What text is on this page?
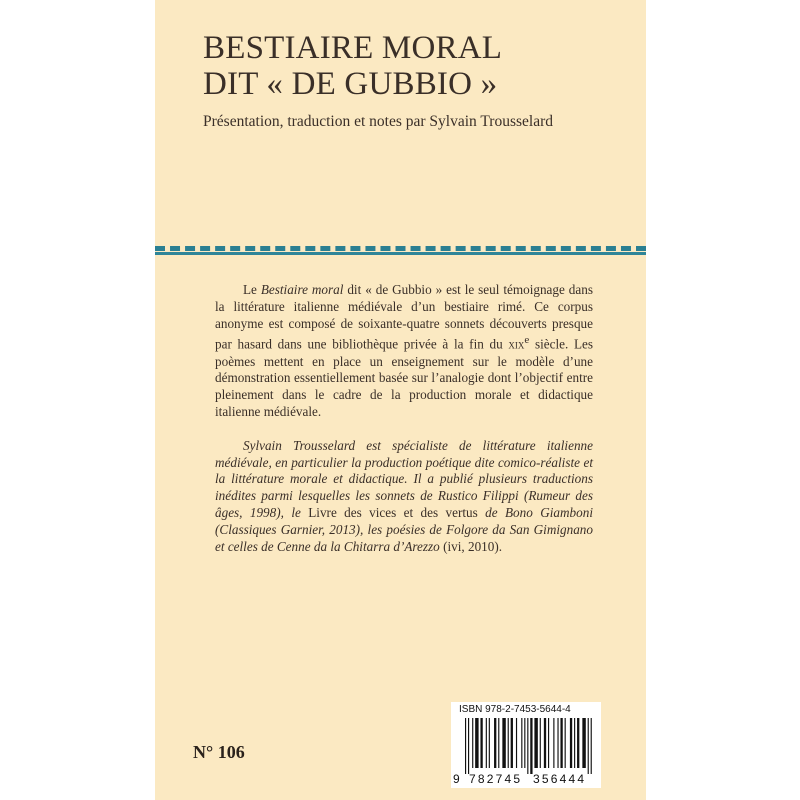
BESTIAIRE MORAL
DIT « DE GUBBIO »
Présentation, traduction et notes par Sylvain Trousselard

Le Bestiaire moral dit « de Gubbio » est le seul témoignage dans la littérature italienne médiévale d’un bestiaire rimé. Ce corpus anonyme est composé de soixante-quatre sonnets découverts presque par hasard dans une bibliothèque privée à la fin du xix$^e$ siècle. Les poèmes mettent en place un enseignement sur le modèle d’une démonstration essentiellement basée sur l’analogie dont l’objectif entre pleinement dans le cadre de la production morale et didactique italienne médiévale.

Sylvain Trousselard est spécialiste de littérature italienne médiévale, en particulier la production poétique dite comico-réaliste et la littérature morale et didactique. Il a publié plusieurs traductions inédites parmi lesquelles les sonnets de Rustico Filippi (Rumeur des âges, 1998), le Livre des vices et des vertus de Bono Giamboni (Classiques Garnier, 2013), les poésies de Folgore da San Gimignano et celles de Cenne da la Chitarra d’Arezzo (ivi, 2010).

N° 106
ISBN 978-2-7453-5644-4
9 782745 356444
